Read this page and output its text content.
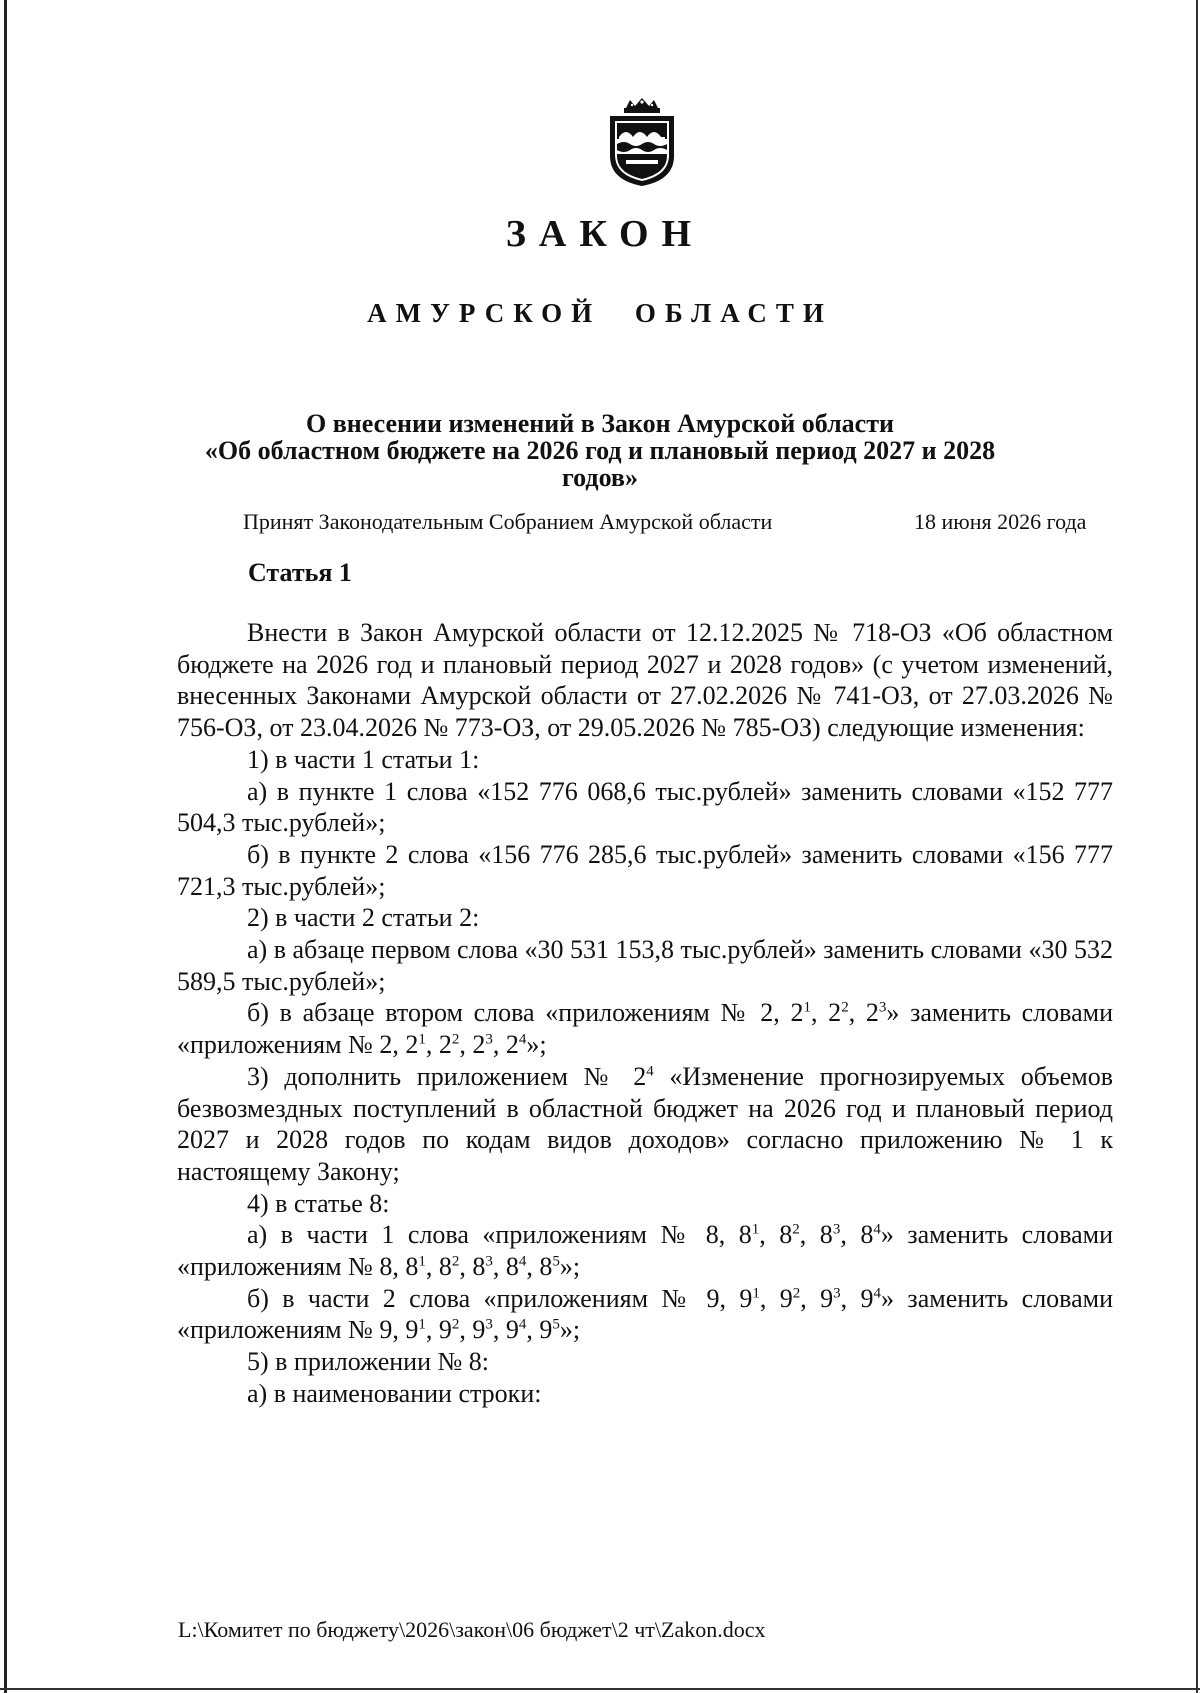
ЗАКОН
АМУРСКОЙ ОБЛАСТИ
О внесении изменений в Закон Амурской области
«Об областном бюджете на 2026 год и плановый период 2027 и 2028
годов»
Принят Законодательным Собранием Амурской области	18 июня 2026 года
Статья 1

Внести в Закон Амурской области от 12.12.2025 № 718-ОЗ «Об областном бюджете на 2026 год и плановый период 2027 и 2028 годов» (с учетом изменений, внесенных Законами Амурской области от 27.02.2026 № 741-ОЗ, от 27.03.2026 № 756-ОЗ, от 23.04.2026 № 773-ОЗ, от 29.05.2026 № 785-ОЗ) следующие изменения:

1) в части 1 статьи 1:

а) в пункте 1 слова «152 776 068,6 тыс.рублей» заменить словами «152 777 504,3 тыс.рублей»;

б) в пункте 2 слова «156 776 285,6 тыс.рублей» заменить словами «156 777 721,3 тыс.рублей»;

2) в части 2 статьи 2:

а) в абзаце первом слова «30 531 153,8 тыс.рублей» заменить словами «30 532 589,5 тыс.рублей»;

б) в абзаце втором слова «приложениям № 2, $2^1$, $2^2$, $2^3$» заменить словами «приложениям № 2, $2^1$, $2^2$, $2^3$, $2^4$»;

3) дополнить приложением № $2^4$ «Изменение прогнозируемых объемов безвозмездных поступлений в областной бюджет на 2026 год и плановый период 2027 и 2028 годов по кодам видов доходов» согласно приложению № 1 к настоящему Закону;

4) в статье 8:

а) в части 1 слова «приложениям № 8, $8^1$, $8^2$, $8^3$, $8^4$» заменить словами «приложениям № 8, $8^1$, $8^2$, $8^3$, $8^4$, $8^5$»;

б) в части 2 слова «приложениям № 9, $9^1$, $9^2$, $9^3$, $9^4$» заменить словами «приложениям № 9, $9^1$, $9^2$, $9^3$, $9^4$, $9^5$»;

5) в приложении № 8:

а) в наименовании строки:

L:\Комитет по бюджету\2026\закон\06 бюджет\2 чт\Zakon.docx
